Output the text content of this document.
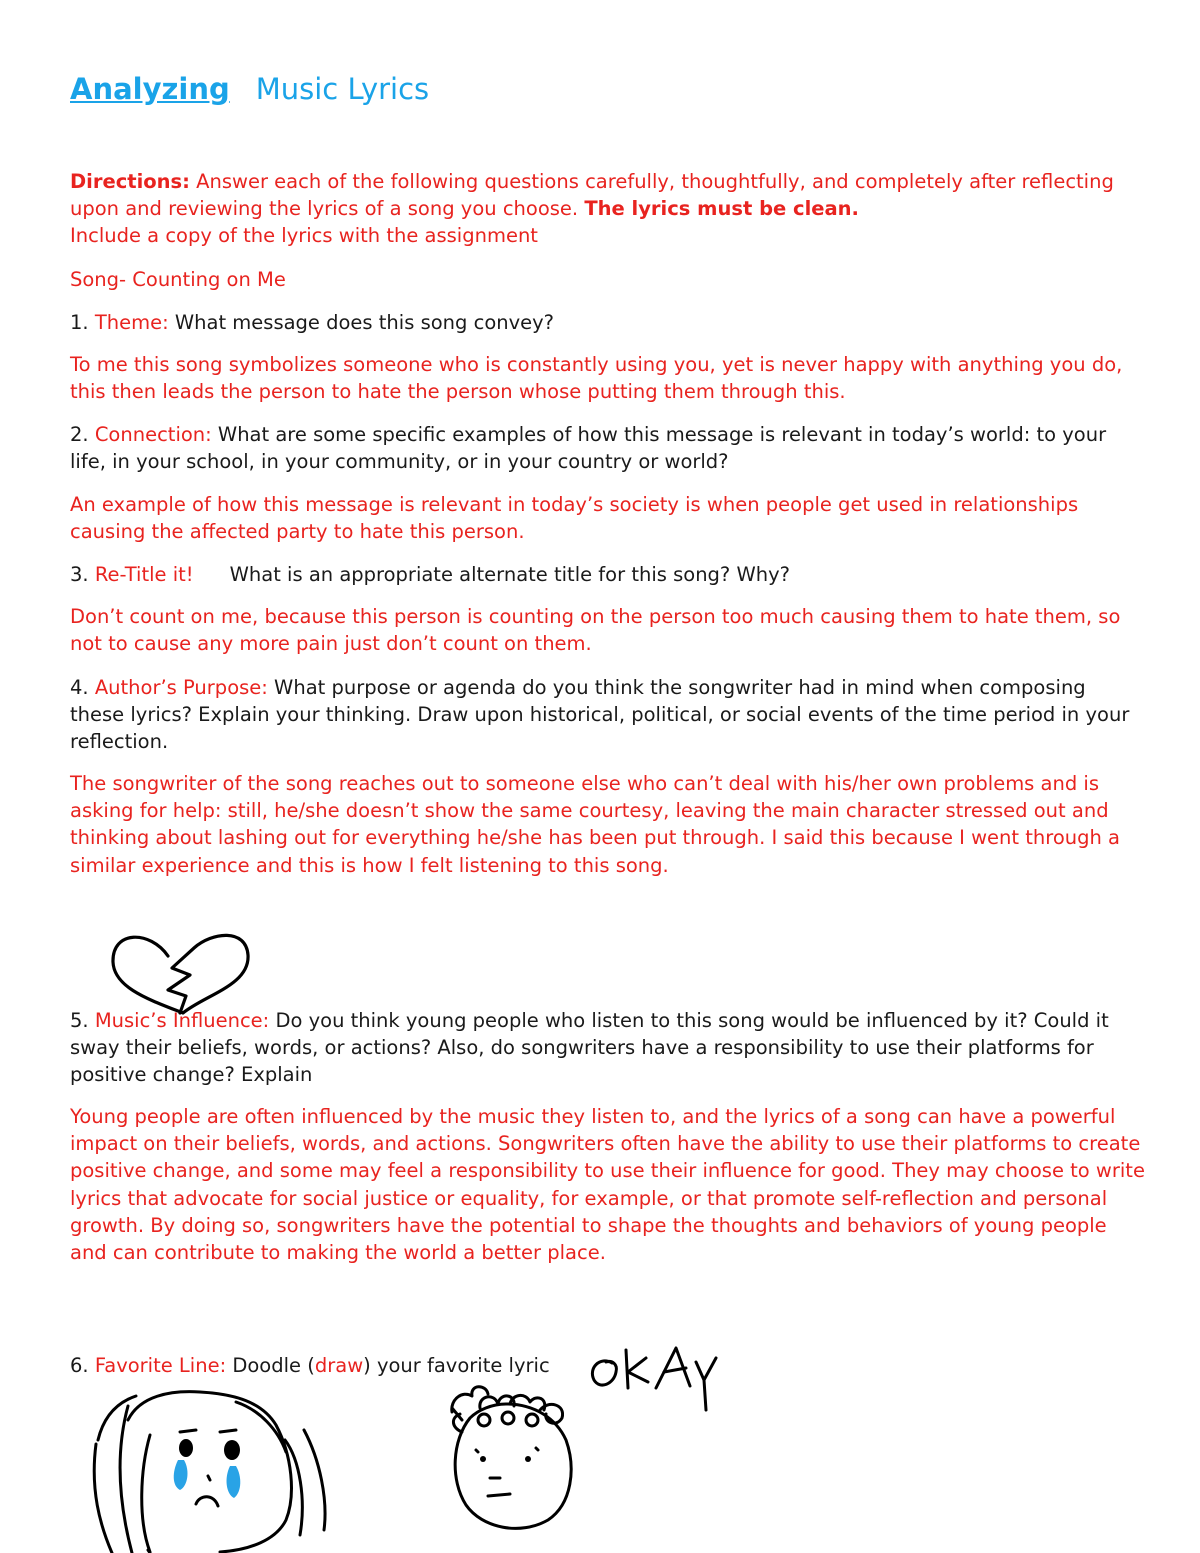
Analyzing Music Lyrics
Directions: Answer each of the following questions carefully, thoughtfully, and completely after reflecting upon and reviewing the lyrics of a song you choose. The lyrics must be clean.
Include a copy of the lyrics with the assignment
Song- Counting on Me
1. Theme: What message does this song convey?
To me this song symbolizes someone who is constantly using you, yet is never happy with anything you do, this then leads the person to hate the person whose putting them through this.
2. Connection: What are some specific examples of how this message is relevant in today’s world: to your life, in your school, in your community, or in your country or world?
An example of how this message is relevant in today’s society is when people get used in relationships causing the affected party to hate this person.
3. Re-Title it! What is an appropriate alternate title for this song? Why?
Don’t count on me, because this person is counting on the person too much causing them to hate them, so not to cause any more pain just don’t count on them.
4. Author’s Purpose: What purpose or agenda do you think the songwriter had in mind when composing these lyrics? Explain your thinking. Draw upon historical, political, or social events of the time period in your reflection.
The songwriter of the song reaches out to someone else who can’t deal with his/her own problems and is asking for help: still, he/she doesn’t show the same courtesy, leaving the main character stressed out and thinking about lashing out for everything he/she has been put through. I said this because I went through a similar experience and this is how I felt listening to this song.
5. Music’s Influence: Do you think young people who listen to this song would be influenced by it? Could it sway their beliefs, words, or actions? Also, do songwriters have a responsibility to use their platforms for positive change? Explain
Young people are often influenced by the music they listen to, and the lyrics of a song can have a powerful impact on their beliefs, words, and actions. Songwriters often have the ability to use their platforms to create positive change, and some may feel a responsibility to use their influence for good. They may choose to write lyrics that advocate for social justice or equality, for example, or that promote self-reflection and personal growth. By doing so, songwriters have the potential to shape the thoughts and behaviors of young people and can contribute to making the world a better place.
6. Favorite Line: Doodle (draw) your favorite lyric
